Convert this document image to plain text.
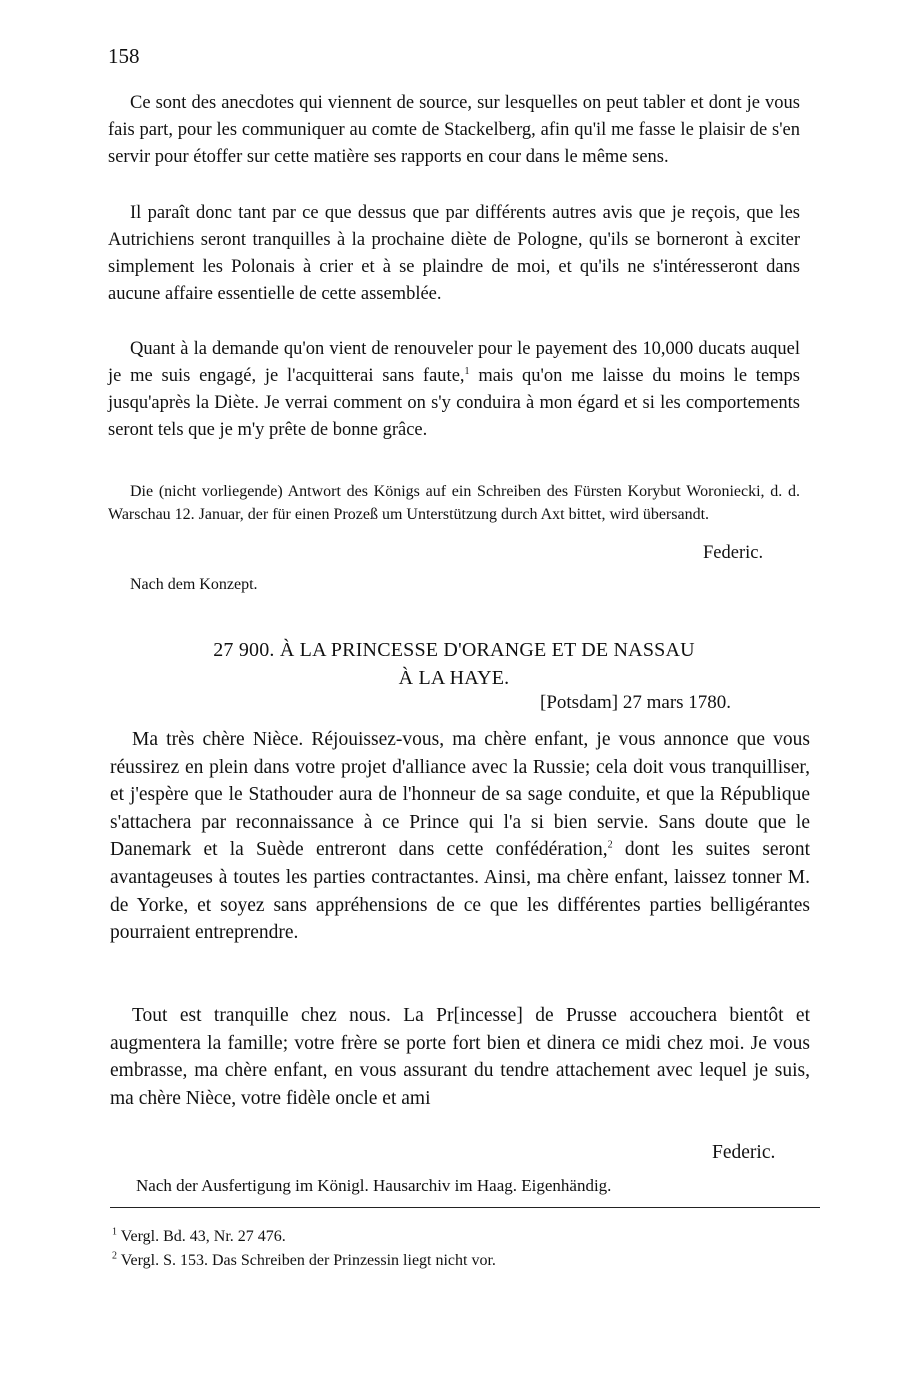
158

Ce sont des anecdotes qui viennent de source, sur lesquelles on peut tabler et dont je vous fais part, pour les communiquer au comte de Stackelberg, afin qu'il me fasse le plaisir de s'en servir pour étoffer sur cette matière ses rapports en cour dans le même sens.

Il paraît donc tant par ce que dessus que par différents autres avis que je reçois, que les Autrichiens seront tranquilles à la prochaine diète de Pologne, qu'ils se borneront à exciter simplement les Polonais à crier et à se plaindre de moi, et qu'ils ne s'intéresseront dans aucune affaire essentielle de cette assemblée.

Quant à la demande qu'on vient de renouveler pour le payement des 10,000 ducats auquel je me suis engagé, je l'acquitterai sans faute,$^1$ mais qu'on me laisse du moins le temps jusqu'après la Diète. Je verrai comment on s'y conduira à mon égard et si les comportements seront tels que je m'y prête de bonne grâce.

Die (nicht vorliegende) Antwort des Königs auf ein Schreiben des Fürsten Korybut Woroniecki, d. d. Warschau 12. Januar, der für einen Prozeß um Unterstützung durch Axt bittet, wird übersandt.

Federic.
Nach dem Konzept.
27 900. À LA PRINCESSE D'ORANGE ET DE NASSAU
À LA HAYE.
[Potsdam] 27 mars 1780.

Ma très chère Nièce. Réjouissez-vous, ma chère enfant, je vous annonce que vous réussirez en plein dans votre projet d'alliance avec la Russie; cela doit vous tranquilliser, et j'espère que le Stathouder aura de l'honneur de sa sage conduite, et que la République s'attachera par reconnaissance à ce Prince qui l'a si bien servie. Sans doute que le Danemark et la Suède entreront dans cette confédération,$^2$ dont les suites seront avantageuses à toutes les parties contractantes. Ainsi, ma chère enfant, laissez tonner M. de Yorke, et soyez sans appréhensions de ce que les différentes parties belligérantes pourraient entreprendre.

Tout est tranquille chez nous. La Pr[incesse] de Prusse accouchera bientôt et augmentera la famille; votre frère se porte fort bien et dinera ce midi chez moi. Je vous embrasse, ma chère enfant, en vous assurant du tendre attachement avec lequel je suis, ma chère Nièce, votre fidèle oncle et ami

Federic.
Nach der Ausfertigung im Königl. Hausarchiv im Haag. Eigenhändig.
$^1$ Vergl. Bd. 43, Nr. 27 476.
$^2$ Vergl. S. 153. Das Schreiben der Prinzessin liegt nicht vor.
